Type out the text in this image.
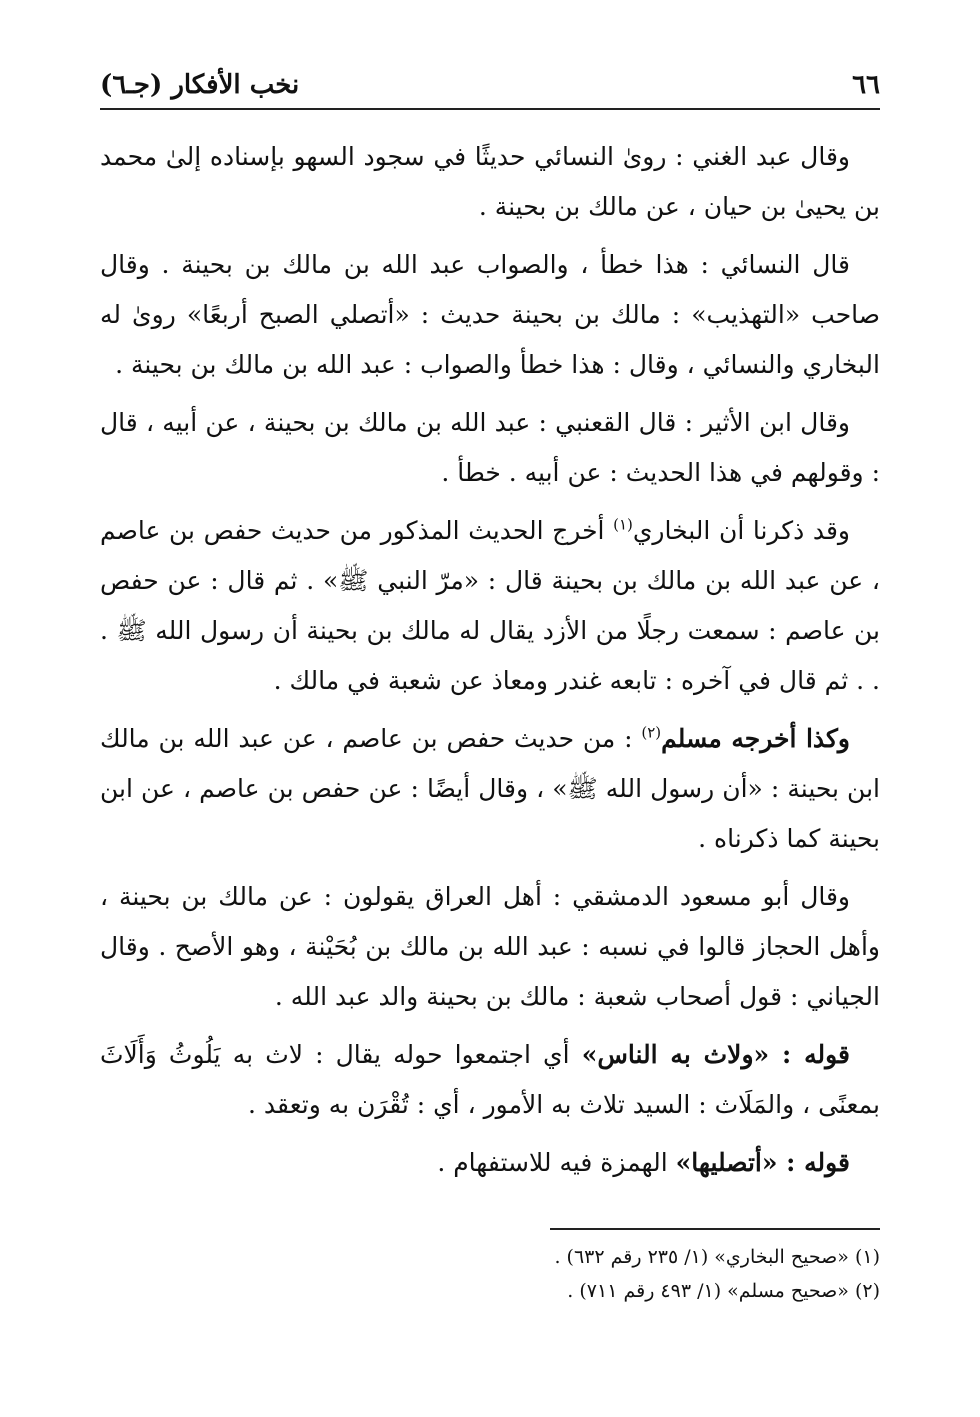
٦٦
نخب الأفكار (جـ٦)

وقال عبد الغني : روىٰ النسائي حديثًا في سجود السهو بإسناده إلىٰ محمد بن يحيىٰ بن حيان ، عن مالك بن بحينة .

قال النسائي : هذا خطأ ، والصواب عبد الله بن مالك بن بحينة . وقال صاحب «التهذيب» : مالك بن بحينة حديث : «أتصلي الصبح أربعًا» روىٰ له البخاري والنسائي ، وقال : هذا خطأ والصواب : عبد الله بن مالك بن بحينة .

وقال ابن الأثير : قال القعنبي : عبد الله بن مالك بن بحينة ، عن أبيه ، قال : وقولهم في هذا الحديث : عن أبيه . خطأ .

وقد ذكرنا أن البخاري$^{(١)}$ أخرج الحديث المذكور من حديث حفص بن عاصم ، عن عبد الله بن مالك بن بحينة قال : «مرّ النبي ﷺ» . ثم قال : عن حفص بن عاصم : سمعت رجلًا من الأزد يقال له مالك بن بحينة أن رسول الله ﷺ . . . ثم قال في آخره : تابعه غندر ومعاذ عن شعبة في مالك .

وكذا أخرجه مسلم$^{(٢)}$ : من حديث حفص بن عاصم ، عن عبد الله بن مالك ابن بحينة : «أن رسول الله ﷺ» ، وقال أيضًا : عن حفص بن عاصم ، عن ابن بحينة كما ذكرناه .

وقال أبو مسعود الدمشقي : أهل العراق يقولون : عن مالك بن بحينة ، وأهل الحجاز قالوا في نسبه : عبد الله بن مالك بن بُحَيْنة ، وهو الأصح . وقال الجياني : قول أصحاب شعبة : مالك بن بحينة والد عبد الله .

قوله : «ولاث به الناس» أي اجتمعوا حوله يقال : لاث به يَلُوثُ وَأَلَاثَ بمعنًى ، والمَلَاث : السيد تلاث به الأمور ، أي : تُقْرَن به وتعقد .

قوله : «أتصليها» الهمزة فيه للاستفهام .

(١) «صحيح البخاري» (١/ ٢٣٥ رقم ٦٣٢) .

(٢) «صحيح مسلم» (١/ ٤٩٣ رقم ٧١١) .
